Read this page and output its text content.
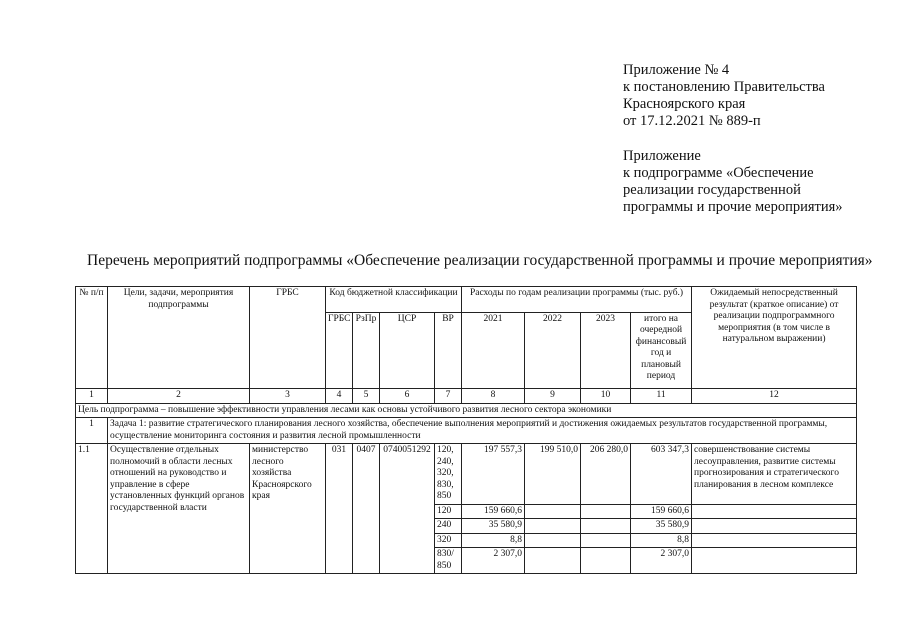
Приложение № 4
к постановлению Правительства
Красноярского края
от 17.12.2021 № 889-п
Приложение
к подпрограмме «Обеспечение
реализации государственной
программы и прочие мероприятия»
Перечень мероприятий подпрограммы «Обеспечение реализации государственной программы и прочие мероприятия»
№ п/п	Цели, задачи, мероприятия подпрограммы	ГРБС	Код бюджетной классификации				Расходы по годам реализации программы (тыс. руб.)				Ожидаемый непосредственный результат (краткое описание) от реализации подпрограммного мероприятия (в том числе в натуральном выражении)
			ГРБС	РзПр	ЦСР	ВР	2021	2022	2023	итого на очередной финансовый год и плановый период	
1	2	3	4	5	6	7	8	9	10	11	12
Цель подпрограмма – повышение эффективности управления лесами как основы устойчивого развития лесного сектора экономики											
1	Задача 1: развитие стратегического планирования лесного хозяйства, обеспечение выполнения мероприятий и достижения ожидаемых результатов государственной программы, осуществление мониторинга состояния и развития лесной промышленности										
1.1	Осуществление отдельных полномочий в области лесных отношений на руководство и управление в сфере установленных функций органов государственной власти	министерство лесного хозяйства Красноярского края	031	0407	0740051292	120, 240, 320, 830, 850	197 557,3	199 510,0	206 280,0	603 347,3	совершенствование системы лесоуправления, развитие системы прогнозирования и стратегического планирования в лесном комплексе
						120	159 660,6			159 660,6	
						240	35 580,9			35 580,9	
						320	8,8			8,8	
						830/ 850	2 307,0			2 307,0	
